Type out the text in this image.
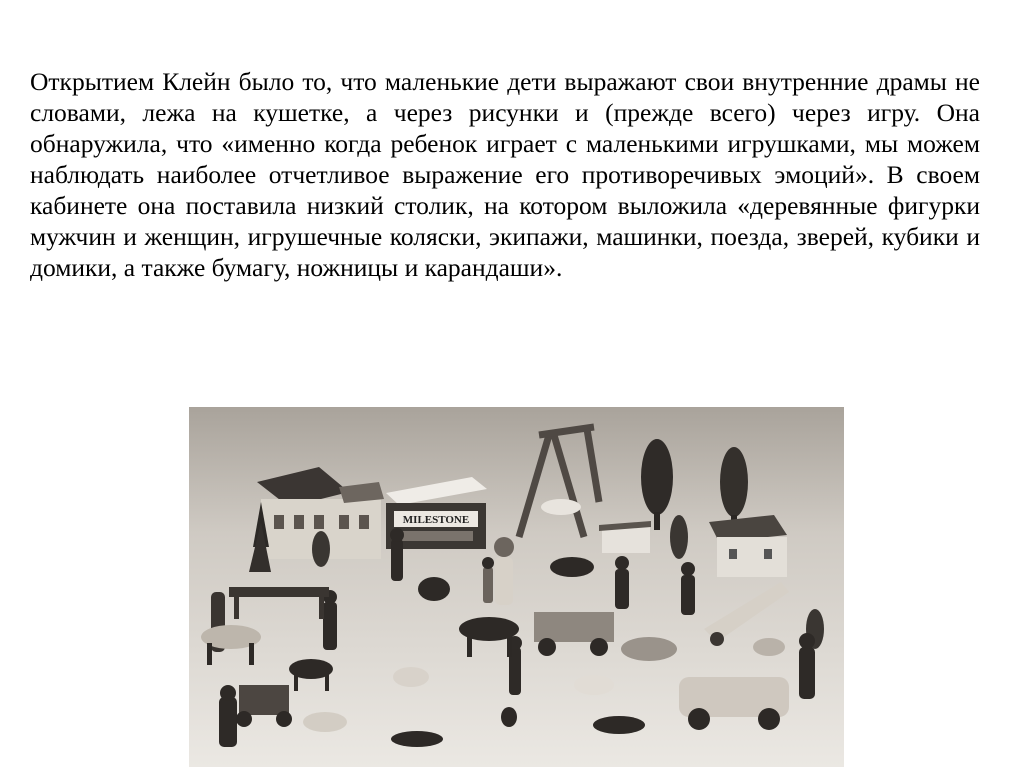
Открытием Клейн было то, что маленькие дети выражают свои внутренние драмы не словами, лежа на кушетке, а через рисунки и (прежде всего) через игру. Она обнаружила, что «именно когда ребенок играет с маленькими игрушками, мы можем наблюдать наиболее отчетливое выражение его противоречивых эмоций». В своем кабинете она поставила низкий столик, на котором выложила «деревянные фигурки мужчин и женщин, игрушечные коляски, экипажи, машинки, поезда, зверей, кубики и домики, а также бумагу, ножницы и карандаши».

MILESTONE
